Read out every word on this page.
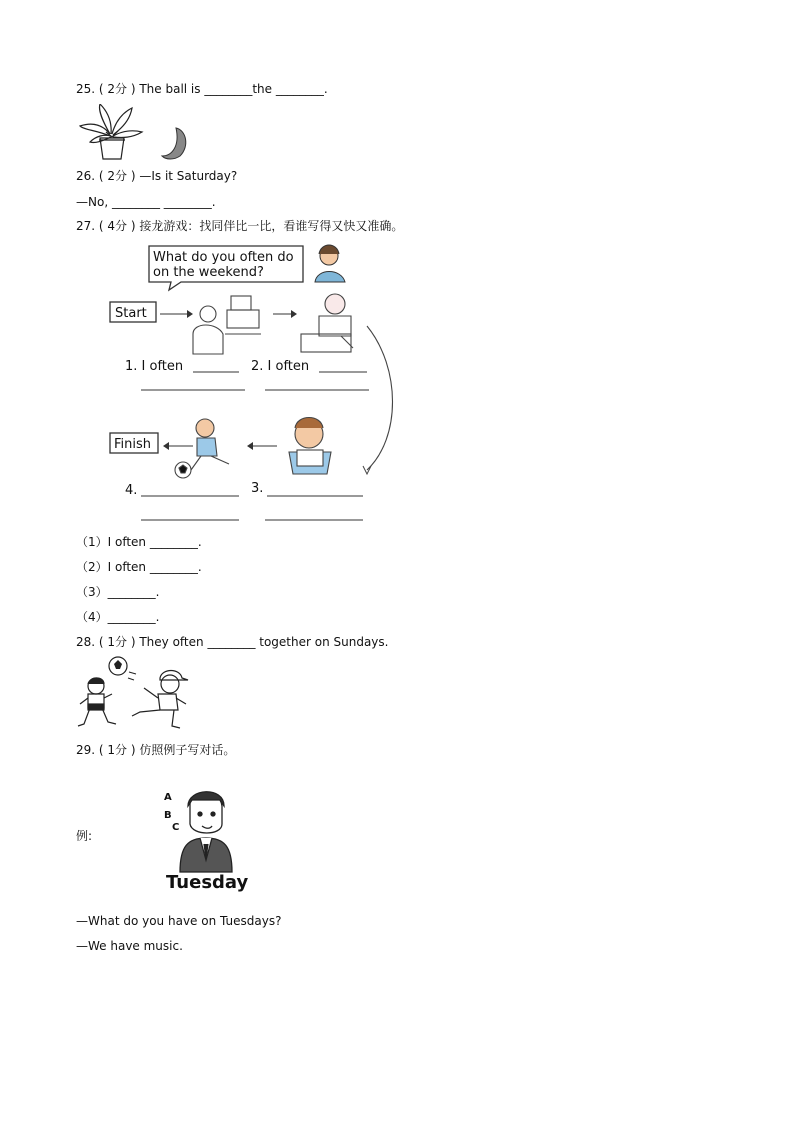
25. ( 2分 ) The ball is ________the ________.
26. ( 2分 ) —Is it Saturday?
—No, ________ ________.
27. ( 4分 ) 接龙游戏：找同伴比一比，看谁写得又快又准确。
What do you often do
on the weekend?
Start
1. I often	2. I often
Finish
4.	3.
（1）I often ________.
（2）I often ________.
（3）________.
（4）________.
28. ( 1分 ) They often ________ together on Sundays.
29. ( 1分 ) 仿照例子写对话。
例:
A
B
C
Tuesday
—What do you have on Tuesdays?
—We have music.
